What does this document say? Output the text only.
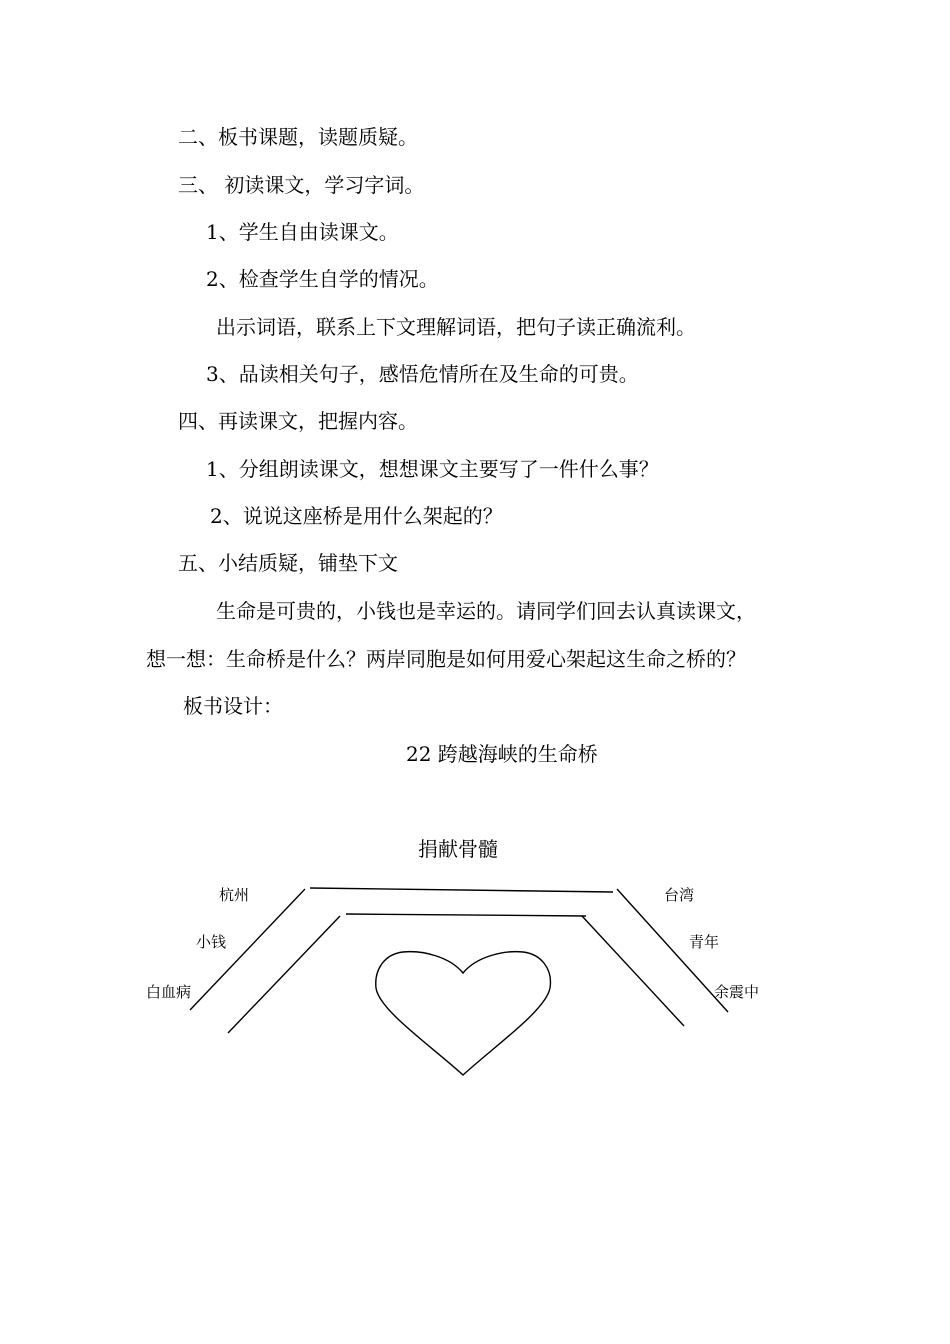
二、板书课题，读题质疑。
三、 初读课文，学习字词。
1、学生自由读课文。
2、检查学生自学的情况。
出示词语，联系上下文理解词语，把句子读正确流利。
3、品读相关句子，感悟危情所在及生命的可贵。
四、再读课文，把握内容。
1、分组朗读课文，想想课文主要写了一件什么事？
2、说说这座桥是用什么架起的？
五、小结质疑，铺垫下文
生命是可贵的，小钱也是幸运的。请同学们回去认真读课文，
想一想：生命桥是什么？两岸同胞是如何用爱心架起这生命之桥的？
板书设计：
22 跨越海峡的生命桥
捐献骨髓
杭州
小钱
白血病
台湾
青年
余震中
